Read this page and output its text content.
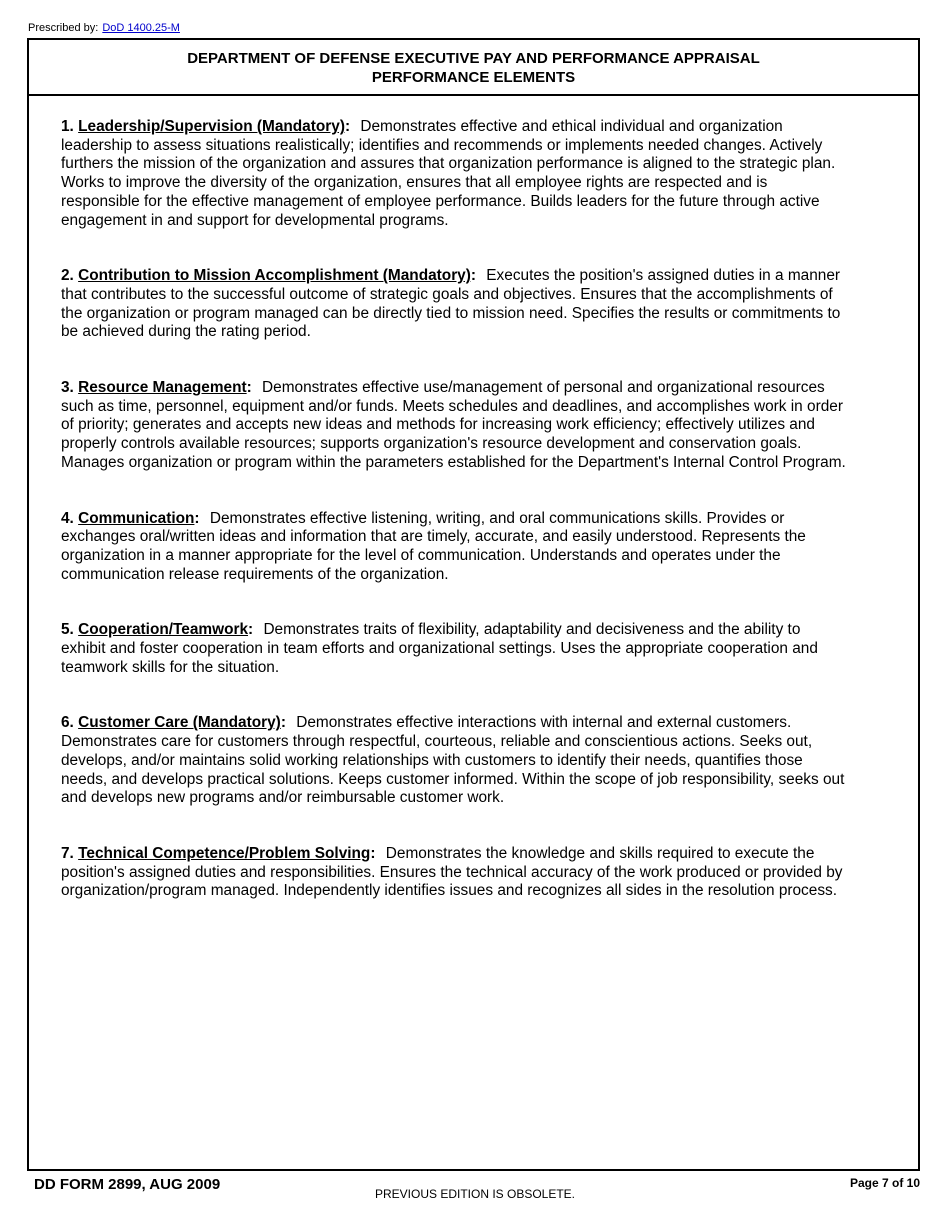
Prescribed by: DoD 1400.25-M
DEPARTMENT OF DEFENSE EXECUTIVE PAY AND PERFORMANCE APPRAISAL
PERFORMANCE ELEMENTS

1. Leadership/Supervision (Mandatory): Demonstrates effective and ethical individual and organization leadership to assess situations realistically; identifies and recommends or implements needed changes. Actively furthers the mission of the organization and assures that organization performance is aligned to the strategic plan. Works to improve the diversity of the organization, ensures that all employee rights are respected and is responsible for the effective management of employee performance. Builds leaders for the future through active engagement in and support for developmental programs.

2. Contribution to Mission Accomplishment (Mandatory): Executes the position's assigned duties in a manner that contributes to the successful outcome of strategic goals and objectives. Ensures that the accomplishments of the organization or program managed can be directly tied to mission need. Specifies the results or commitments to be achieved during the rating period.

3. Resource Management: Demonstrates effective use/management of personal and organizational resources such as time, personnel, equipment and/or funds. Meets schedules and deadlines, and accomplishes work in order of priority; generates and accepts new ideas and methods for increasing work efficiency; effectively utilizes and properly controls available resources; supports organization's resource development and conservation goals. Manages organization or program within the parameters established for the Department's Internal Control Program.

4. Communication: Demonstrates effective listening, writing, and oral communications skills. Provides or exchanges oral/written ideas and information that are timely, accurate, and easily understood. Represents the organization in a manner appropriate for the level of communication. Understands and operates under the communication release requirements of the organization.

5. Cooperation/Teamwork: Demonstrates traits of flexibility, adaptability and decisiveness and the ability to exhibit and foster cooperation in team efforts and organizational settings. Uses the appropriate cooperation and teamwork skills for the situation.

6. Customer Care (Mandatory): Demonstrates effective interactions with internal and external customers. Demonstrates care for customers through respectful, courteous, reliable and conscientious actions. Seeks out, develops, and/or maintains solid working relationships with customers to identify their needs, quantifies those needs, and develops practical solutions. Keeps customer informed. Within the scope of job responsibility, seeks out and develops new programs and/or reimbursable customer work.

7. Technical Competence/Problem Solving: Demonstrates the knowledge and skills required to execute the position's assigned duties and responsibilities. Ensures the technical accuracy of the work produced or provided by organization/program managed. Independently identifies issues and recognizes all sides in the resolution process.

DD FORM 2899, AUG 2009
PREVIOUS EDITION IS OBSOLETE.
Page 7 of 10
